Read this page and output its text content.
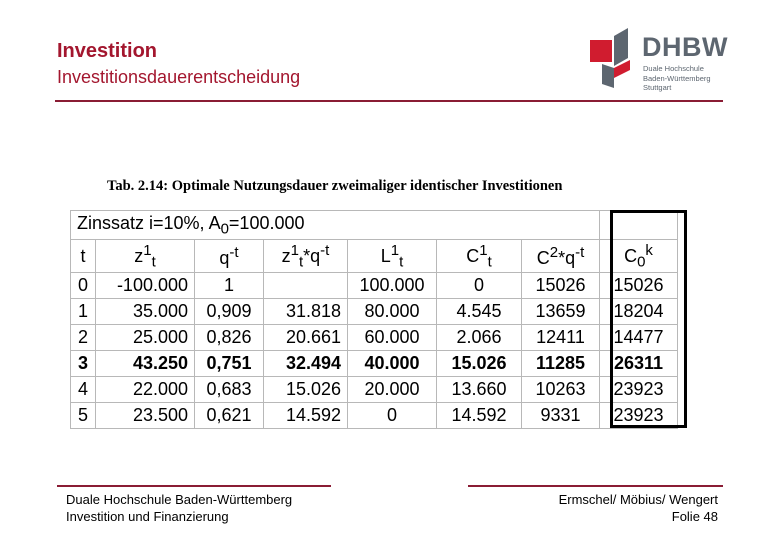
Investition
Investitionsdauerentscheidung
DHBW
Duale Hochschule
Baden-Württemberg
Stuttgart
Tab. 2.14: Optimale Nutzungsdauer zweimaliger identischer Investitionen
Zinssatz i=10%, $A_0=100.000$							
t	$z^1_t$	$q^{-t}$	$z^1_t*q^{-t}$	$L^1_t$	$C^1_t$	$C^2*q^{-t}$	$C_0^k$
0	-100.000	1		100.000	0	15026	15026
1	35.000	0,909	31.818	80.000	4.545	13659	18204
2	25.000	0,826	20.661	60.000	2.066	12411	14477
3	43.250	0,751	32.494	40.000	15.026	11285	26311
4	22.000	0,683	15.026	20.000	13.660	10263	23923
5	23.500	0,621	14.592	0	14.592	9331	23923
Duale Hochschule Baden-Württemberg
Investition und Finanzierung
Ermschel/ Möbius/ Wengert
Folie 48
